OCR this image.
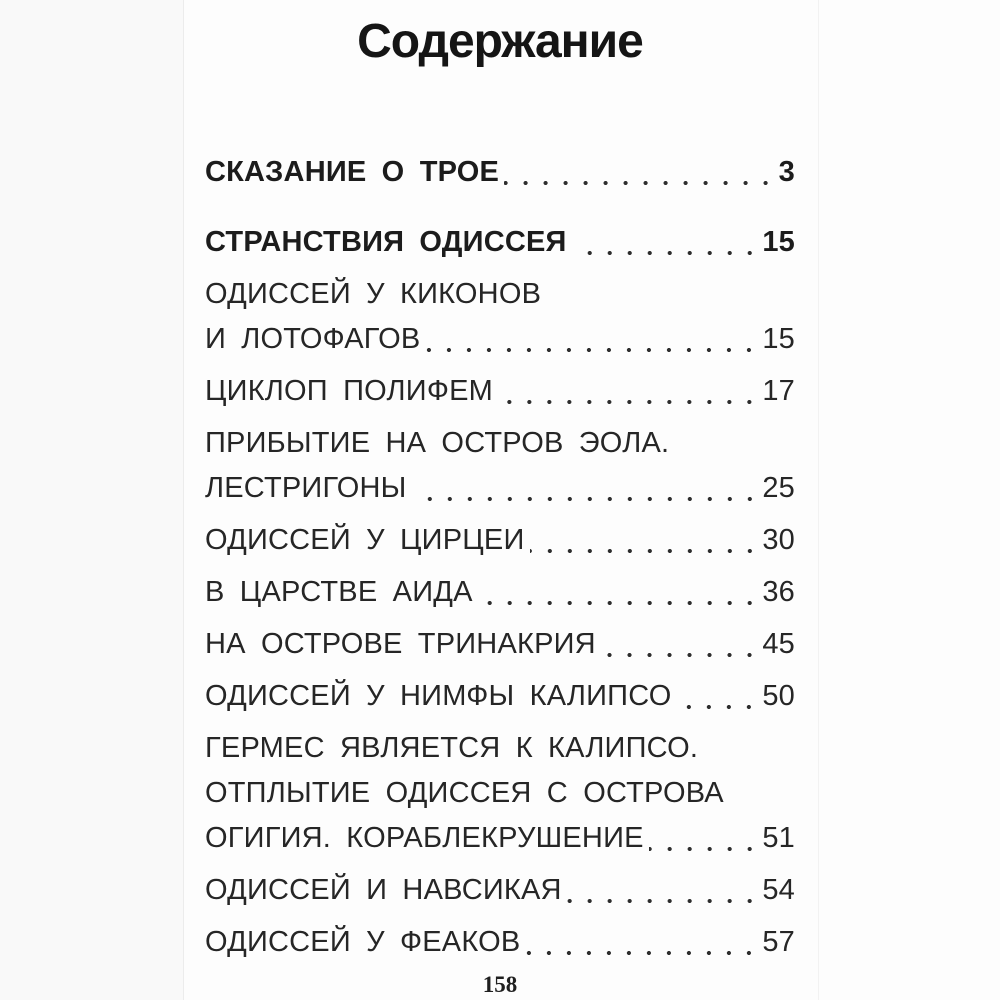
Содержание
СКАЗАНИЕ О ТРОЕ	3
СТРАНСТВИЯ ОДИССЕЯ	15
ОДИССЕЙ У КИКОНОВ
И ЛОТОФАГОВ	15
ЦИКЛОП ПОЛИФЕМ	17
ПРИБЫТИЕ НА ОСТРОВ ЭОЛА.
ЛЕСТРИГОНЫ	25
ОДИССЕЙ У ЦИРЦЕИ	30
В ЦАРСТВЕ АИДА	36
НА ОСТРОВЕ ТРИНАКРИЯ	45
ОДИССЕЙ У НИМФЫ КАЛИПСО	50
ГЕРМЕС ЯВЛЯЕТСЯ К КАЛИПСО.
ОТПЛЫТИЕ ОДИССЕЯ С ОСТРОВА
ОГИГИЯ. КОРАБЛЕКРУШЕНИЕ	51
ОДИССЕЙ И НАВСИКАЯ	54
ОДИССЕЙ У ФЕАКОВ	57
158
